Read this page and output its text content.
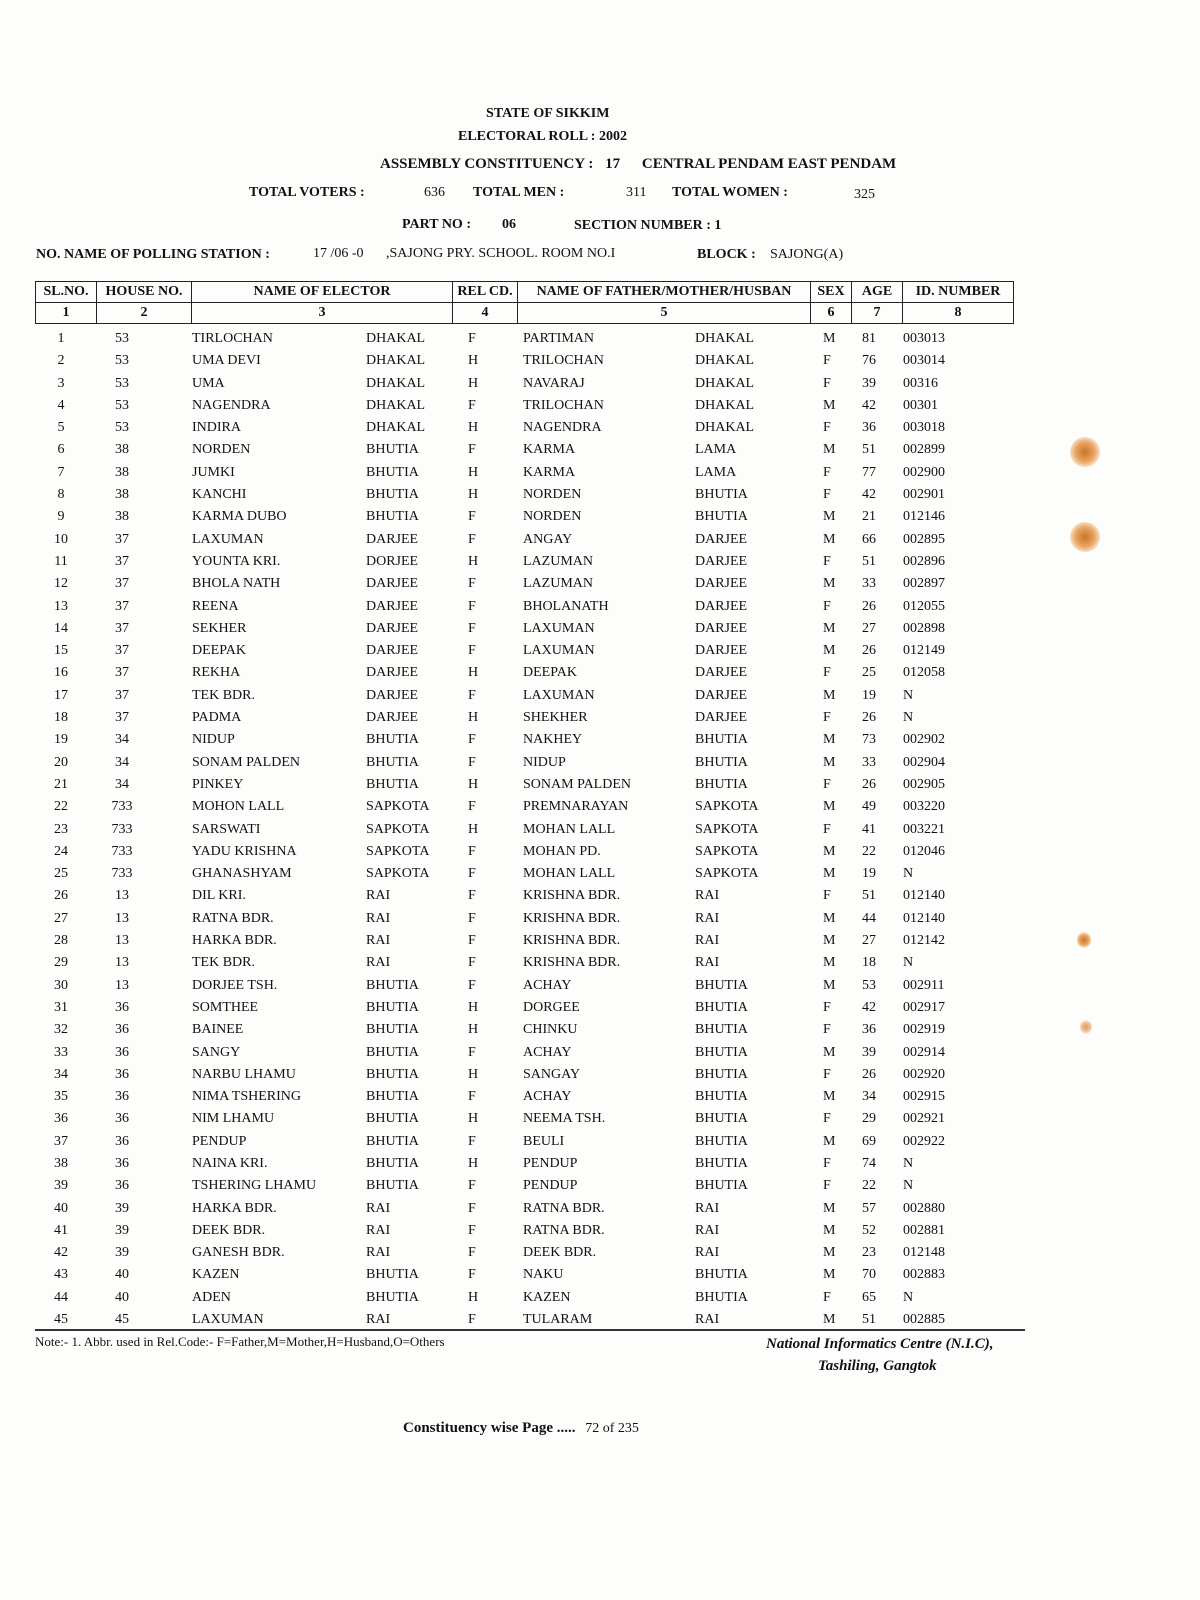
STATE OF SIKKIM
ELECTORAL ROLL : 2002
ASSEMBLY CONSTITUENCY : 17 CENTRAL PENDAM EAST PENDAM
TOTAL VOTERS :	636 TOTAL MEN :	311 TOTAL WOMEN :	325
PART NO : 06	SECTION NUMBER : 1
NO. NAME OF POLLING STATION :	17 /06 -0 ,SAJONG PRY. SCHOOL. ROOM NO.I	BLOCK : SAJONG(A)
SL.NO.	HOUSE NO.	NAME OF ELECTOR	REL CD.	NAME OF FATHER/MOTHER/HUSBAN	SEX	AGE	ID. NUMBER
1	2	3	4	5	6	7	8
1	53	TIRLOCHAN	DHAKAL	F	PARTIMAN	DHAKAL	M 81 003013
2	53	UMA DEVI	DHAKAL	H	TRILOCHAN	DHAKAL	F 76 003014
3	53	UMA	DHAKAL	H	NAVARAJ	DHAKAL	F 39 00316
4	53	NAGENDRA	DHAKAL	F	TRILOCHAN	DHAKAL	M 42 00301
5	53	INDIRA	DHAKAL	H	NAGENDRA	DHAKAL	F 36 003018
6	38	NORDEN	BHUTIA	F	KARMA	LAMA	M 51 002899
7	38	JUMKI	BHUTIA	H	KARMA	LAMA	F 77 002900
8	38	KANCHI	BHUTIA	H	NORDEN	BHUTIA	F 42 002901
9	38	KARMA DUBO	BHUTIA	F	NORDEN	BHUTIA	M 21 012146
10	37	LAXUMAN	DARJEE	F	ANGAY	DARJEE	M 66 002895
11	37	YOUNTA KRI.	DORJEE	H	LAZUMAN	DARJEE	F 51 002896
12	37	BHOLA NATH	DARJEE	F	LAZUMAN	DARJEE	M 33 002897
13	37	REENA	DARJEE	F	BHOLANATH	DARJEE	F 26 012055
14	37	SEKHER	DARJEE	F	LAXUMAN	DARJEE	M 27 002898
15	37	DEEPAK	DARJEE	F	LAXUMAN	DARJEE	M 26 012149
16	37	REKHA	DARJEE	H	DEEPAK	DARJEE	F 25 012058
17	37	TEK BDR.	DARJEE	F	LAXUMAN	DARJEE	M 19 N
18	37	PADMA	DARJEE	H	SHEKHER	DARJEE	F 26 N
19	34	NIDUP	BHUTIA	F	NAKHEY	BHUTIA	M 73 002902
20	34	SONAM PALDEN	BHUTIA	F	NIDUP	BHUTIA	M 33 002904
21	34	PINKEY	BHUTIA	H	SONAM PALDEN	BHUTIA	F 26 002905
22	733	MOHON LALL	SAPKOTA	F	PREMNARAYAN	SAPKOTA	M 49 003220
23	733	SARSWATI	SAPKOTA	H	MOHAN LALL	SAPKOTA	F 41 003221
24	733	YADU KRISHNA	SAPKOTA	F	MOHAN PD.	SAPKOTA	M 22 012046
25	733	GHANASHYAM	SAPKOTA	F	MOHAN LALL	SAPKOTA	M 19 N
26	13	DIL KRI.	RAI	F	KRISHNA BDR.	RAI	F 51 012140
27	13	RATNA BDR.	RAI	F	KRISHNA BDR.	RAI	M 44 012140
28	13	HARKA BDR.	RAI	F	KRISHNA BDR.	RAI	M 27 012142
29	13	TEK BDR.	RAI	F	KRISHNA BDR.	RAI	M 18 N
30	13	DORJEE TSH.	BHUTIA	F	ACHAY	BHUTIA	M 53 002911
31	36	SOMTHEE	BHUTIA	H	DORGEE	BHUTIA	F 42 002917
32	36	BAINEE	BHUTIA	H	CHINKU	BHUTIA	F 36 002919
33	36	SANGY	BHUTIA	F	ACHAY	BHUTIA	M 39 002914
34	36	NARBU LHAMU	BHUTIA	H	SANGAY	BHUTIA	F 26 002920
35	36	NIMA TSHERING	BHUTIA	F	ACHAY	BHUTIA	M 34 002915
36	36	NIM LHAMU	BHUTIA	H	NEEMA TSH.	BHUTIA	F 29 002921
37	36	PENDUP	BHUTIA	F	BEULI	BHUTIA	M 69 002922
38	36	NAINA KRI.	BHUTIA	H	PENDUP	BHUTIA	F 74 N
39	36	TSHERING LHAMU	BHUTIA	F	PENDUP	BHUTIA	F 22 N
40	39	HARKA BDR.	RAI	F	RATNA BDR.	RAI	M 57 002880
41	39	DEEK BDR.	RAI	F	RATNA BDR.	RAI	M 52 002881
42	39	GANESH BDR.	RAI	F	DEEK BDR.	RAI	M 23 012148
43	40	KAZEN	BHUTIA	F	NAKU	BHUTIA	M 70 002883
44	40	ADEN	BHUTIA	H	KAZEN	BHUTIA	F 65 N
45	45	LAXUMAN	RAI	F	TULARAM	RAI	M 51 002885
Note:- 1. Abbr. used in Rel.Code:- F=Father,M=Mother,H=Husband,O=Others	National Informatics Centre (N.I.C),
Tashiling, Gangtok
Constituency wise Page ..... 72 of 235
